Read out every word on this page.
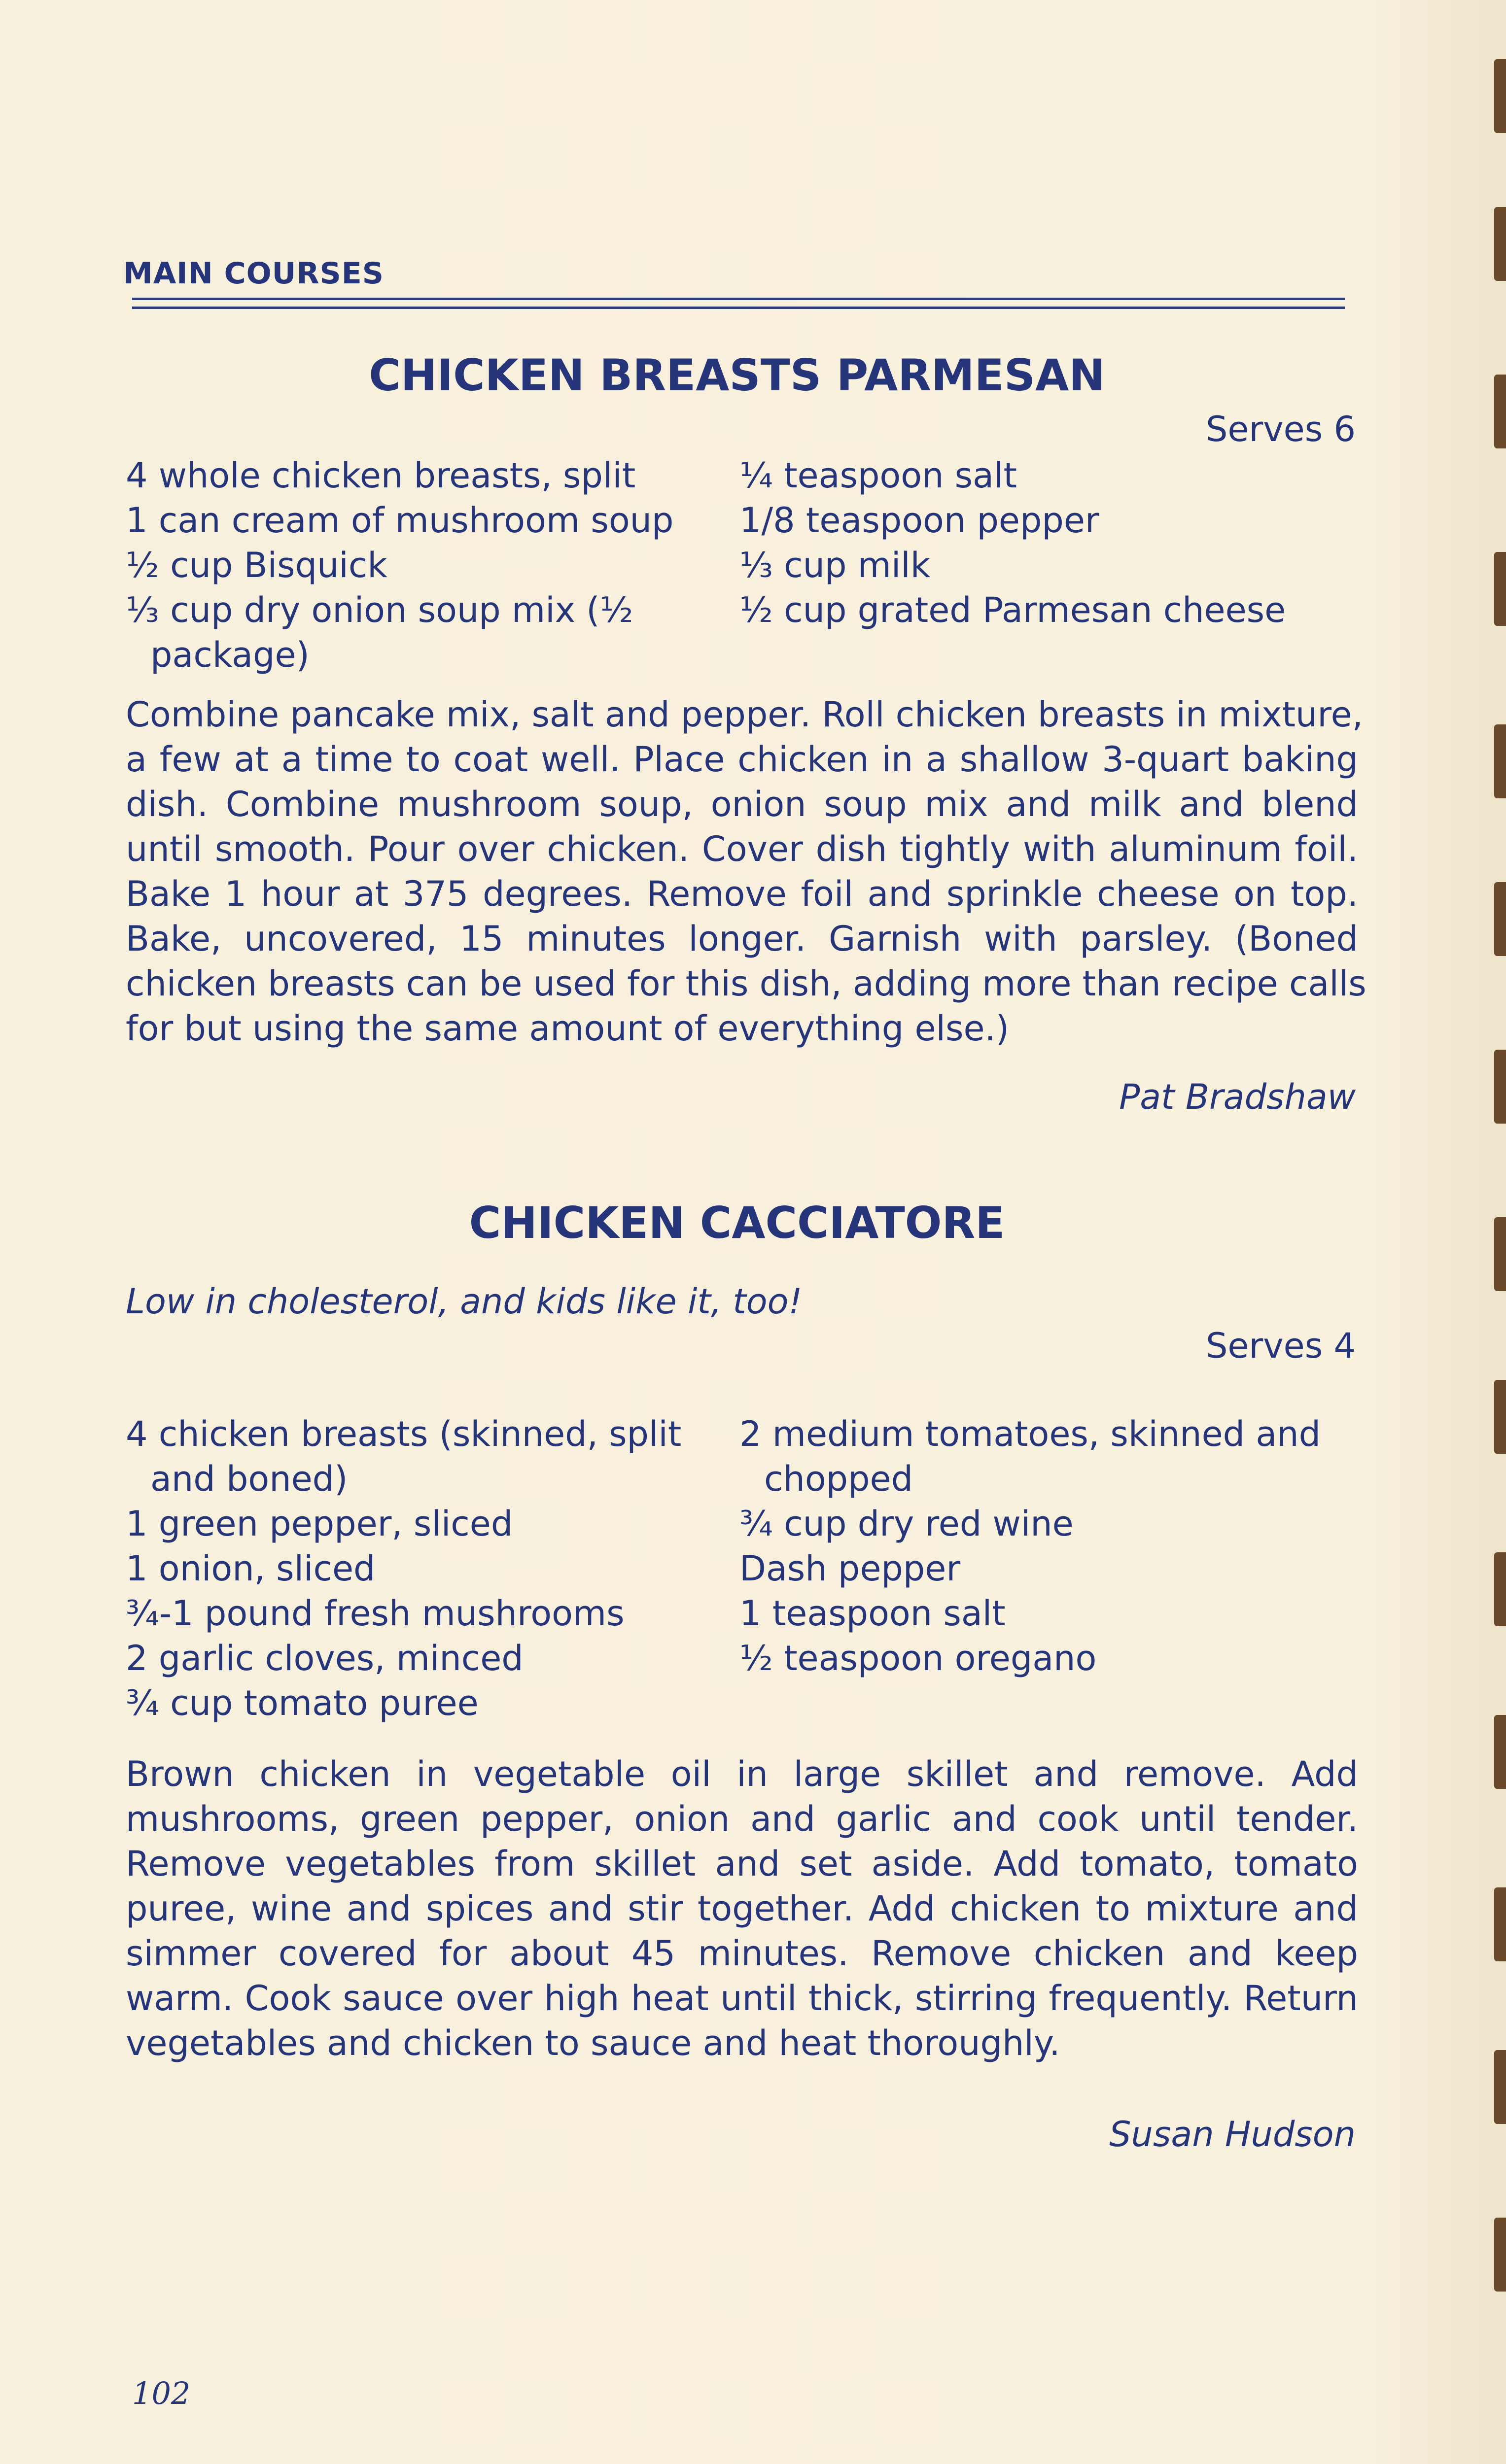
MAIN COURSES
CHICKEN BREASTS PARMESAN
Serves 6
4 whole chicken breasts, split
1 can cream of mushroom soup
½ cup Bisquick
⅓ cup dry onion soup mix (½
package)
¼ teaspoon salt
1/8 teaspoon pepper
⅓ cup milk
½ cup grated Parmesan cheese
Combine pancake mix, salt and pepper. Roll chicken breasts in mixture,
a few at a time to coat well. Place chicken in a shallow 3-quart baking
dish. Combine mushroom soup, onion soup mix and milk and blend
until smooth. Pour over chicken. Cover dish tightly with aluminum foil.
Bake 1 hour at 375 degrees. Remove foil and sprinkle cheese on top.
Bake, uncovered, 15 minutes longer. Garnish with parsley. (Boned
chicken breasts can be used for this dish, adding more than recipe calls
for but using the same amount of everything else.)
Pat Bradshaw
CHICKEN CACCIATORE
Low in cholesterol, and kids like it, too!
Serves 4
4 chicken breasts (skinned, split
and boned)
1 green pepper, sliced
1 onion, sliced
¾-1 pound fresh mushrooms
2 garlic cloves, minced
¾ cup tomato puree
2 medium tomatoes, skinned and
chopped
¾ cup dry red wine
Dash pepper
1 teaspoon salt
½ teaspoon oregano
Brown chicken in vegetable oil in large skillet and remove. Add
mushrooms, green pepper, onion and garlic and cook until tender.
Remove vegetables from skillet and set aside. Add tomato, tomato
puree, wine and spices and stir together. Add chicken to mixture and
simmer covered for about 45 minutes. Remove chicken and keep
warm. Cook sauce over high heat until thick, stirring frequently. Return
vegetables and chicken to sauce and heat thoroughly.
Susan Hudson
102
